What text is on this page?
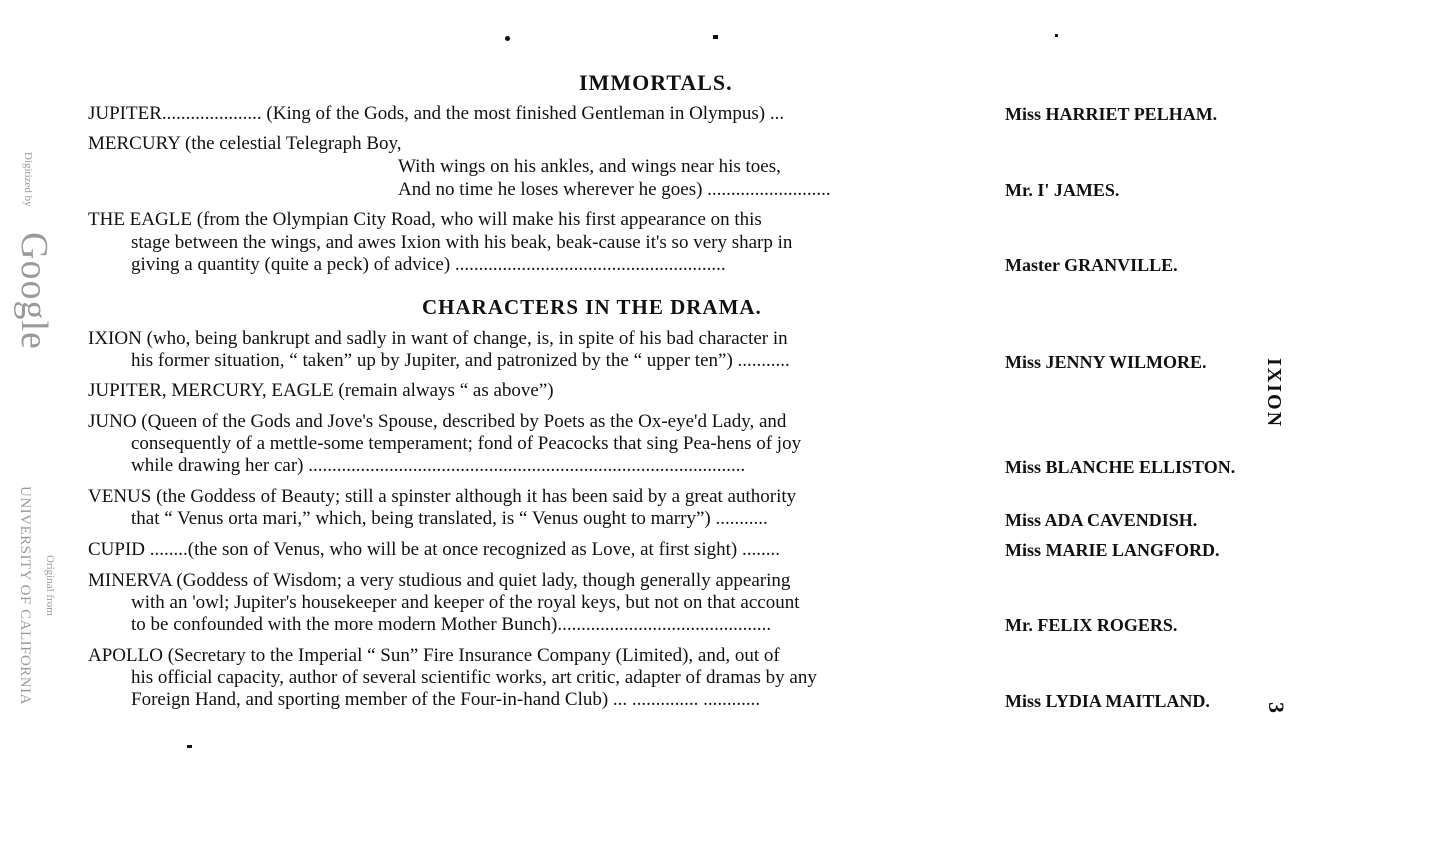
Digitized by
Google
Original from
UNIVERSITY OF CALIFORNIA
IMMORTALS.
CHARACTERS IN THE DRAMA.
JUPITER..................... (King of the Gods, and the most finished Gentleman in Olympus) ...	Miss HARRIET PELHAM.
MERCURY (the celestial Telegraph Boy,
With wings on his ankles, and wings near his toes,
And no time he loses wherever he goes) ..........................	Mr. I' JAMES.
THE EAGLE (from the Olympian City Road, who will make his first appearance on this
stage between the wings, and awes Ixion with his beak, beak-cause it's so very sharp in
giving a quantity (quite a peck) of advice) .........................................................	Master GRANVILLE.
IXION (who, being bankrupt and sadly in want of change, is, in spite of his bad character in
his former situation, “ taken” up by Jupiter, and patronized by the “ upper ten”) ...........	Miss JENNY WILMORE.
JUPITER, MERCURY, EAGLE (remain always “ as above”)
JUNO (Queen of the Gods and Jove's Spouse, described by Poets as the Ox-eye'd Lady, and
consequently of a mettle-some temperament; fond of Peacocks that sing Pea-hens of joy
while drawing her car) ............................................................................................	Miss BLANCHE ELLISTON.
VENUS (the Goddess of Beauty; still a spinster although it has been said by a great authority
that “ Venus orta mari,” which, being translated, is “ Venus ought to marry”) ...........	Miss ADA CAVENDISH.
CUPID ........(the son of Venus, who will be at once recognized as Love, at first sight) ........	Miss MARIE LANGFORD.
MINERVA (Goddess of Wisdom; a very studious and quiet lady, though generally appearing
with an 'owl; Jupiter's housekeeper and keeper of the royal keys, but not on that account
to be confounded with the more modern Mother Bunch).............................................	Mr. FELIX ROGERS.
APOLLO (Secretary to the Imperial “ Sun” Fire Insurance Company (Limited), and, out of
his official capacity, author of several scientific works, art critic, adapter of dramas by any
Foreign Hand, and sporting member of the Four-in-hand Club) ... .............. ............	Miss LYDIA MAITLAND.
IXION
3
